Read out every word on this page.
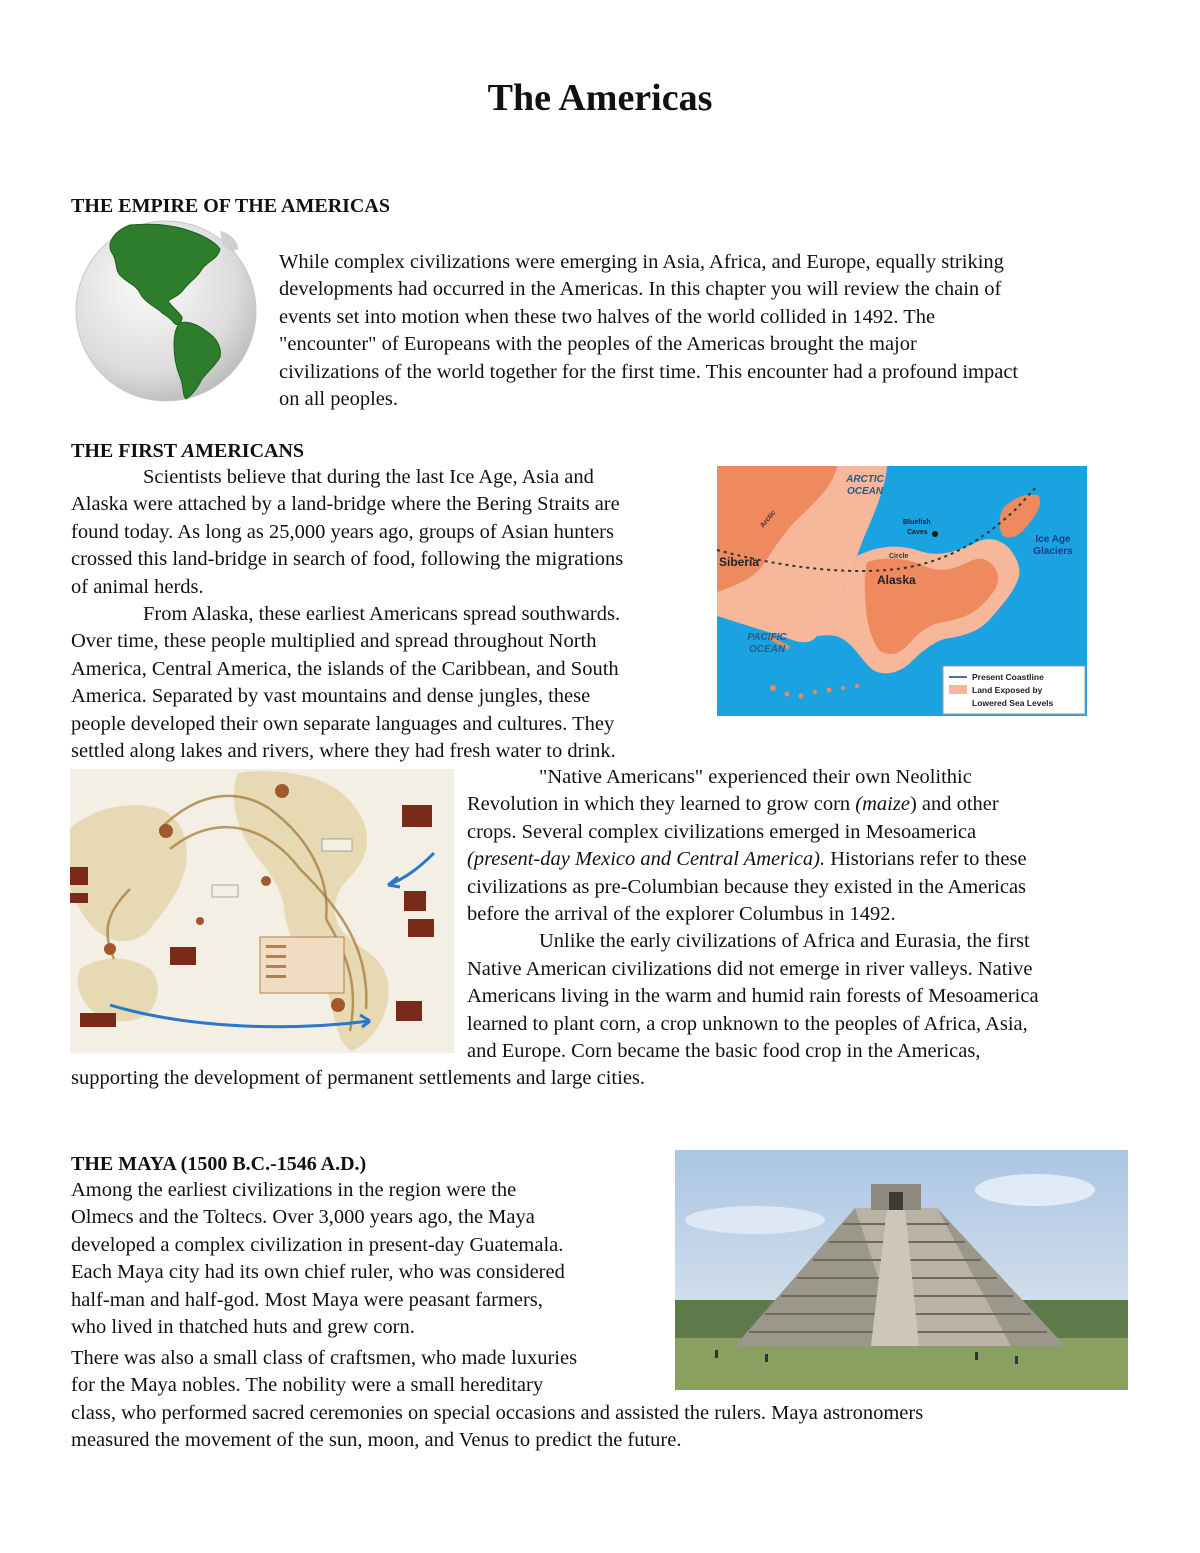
The Americas
THE EMPIRE OF THE AMERICAS
While complex civilizations were emerging in Asia, Africa, and Europe, equally striking
developments had occurred in the Americas. In this chapter you will review the chain of
events set into motion when these two halves of the world collided in 1492. The
"encounter" of Europeans with the peoples of the Americas brought the major
civilizations of the world together for the first time. This encounter had a profound impact
on all peoples.
THE FIRST AMERICANS
Scientists believe that during the last Ice Age, Asia and
Alaska were attached by a land-bridge where the Bering Straits are
found today. As long as 25,000 years ago, groups of Asian hunters
crossed this land-bridge in search of food, following the migrations
of animal herds.
From Alaska, these earliest Americans spread southwards.
Over time, these people multiplied and spread throughout North
America, Central America, the islands of the Caribbean, and South
America. Separated by vast mountains and dense jungles, these
people developed their own separate languages and cultures. They
settled along lakes and rivers, where they had fresh water to drink.
ARCTIC
OCEAN
PACIFIC
OCEAN
Siberia
Alaska
Arctic
Circle
Bluefish
Caves
Ice Age
Glaciers
Present Coastline
Land Exposed by
Lowered Sea Levels
"Native Americans" experienced their own Neolithic
Revolution in which they learned to grow corn (maize) and other
crops. Several complex civilizations emerged in Mesoamerica
(present-day Mexico and Central America). Historians refer to these
civilizations as pre-Columbian because they existed in the Americas
before the arrival of the explorer Columbus in 1492.
Unlike the early civilizations of Africa and Eurasia, the first
Native American civilizations did not emerge in river valleys. Native
Americans living in the warm and humid rain forests of Mesoamerica
learned to plant corn, a crop unknown to the peoples of Africa, Asia,
and Europe. Corn became the basic food crop in the Americas,
supporting the development of permanent settlements and large cities.
THE MAYA (1500 B.C.-1546 A.D.)
Among the earliest civilizations in the region were the
Olmecs and the Toltecs. Over 3,000 years ago, the Maya
developed a complex civilization in present-day Guatemala.
Each Maya city had its own chief ruler, who was considered
half-man and half-god. Most Maya were peasant farmers,
who lived in thatched huts and grew corn.
There was also a small class of craftsmen, who made luxuries
for the Maya nobles. The nobility were a small hereditary
class, who performed sacred ceremonies on special occasions and assisted the rulers. Maya astronomers
measured the movement of the sun, moon, and Venus to predict the future.
